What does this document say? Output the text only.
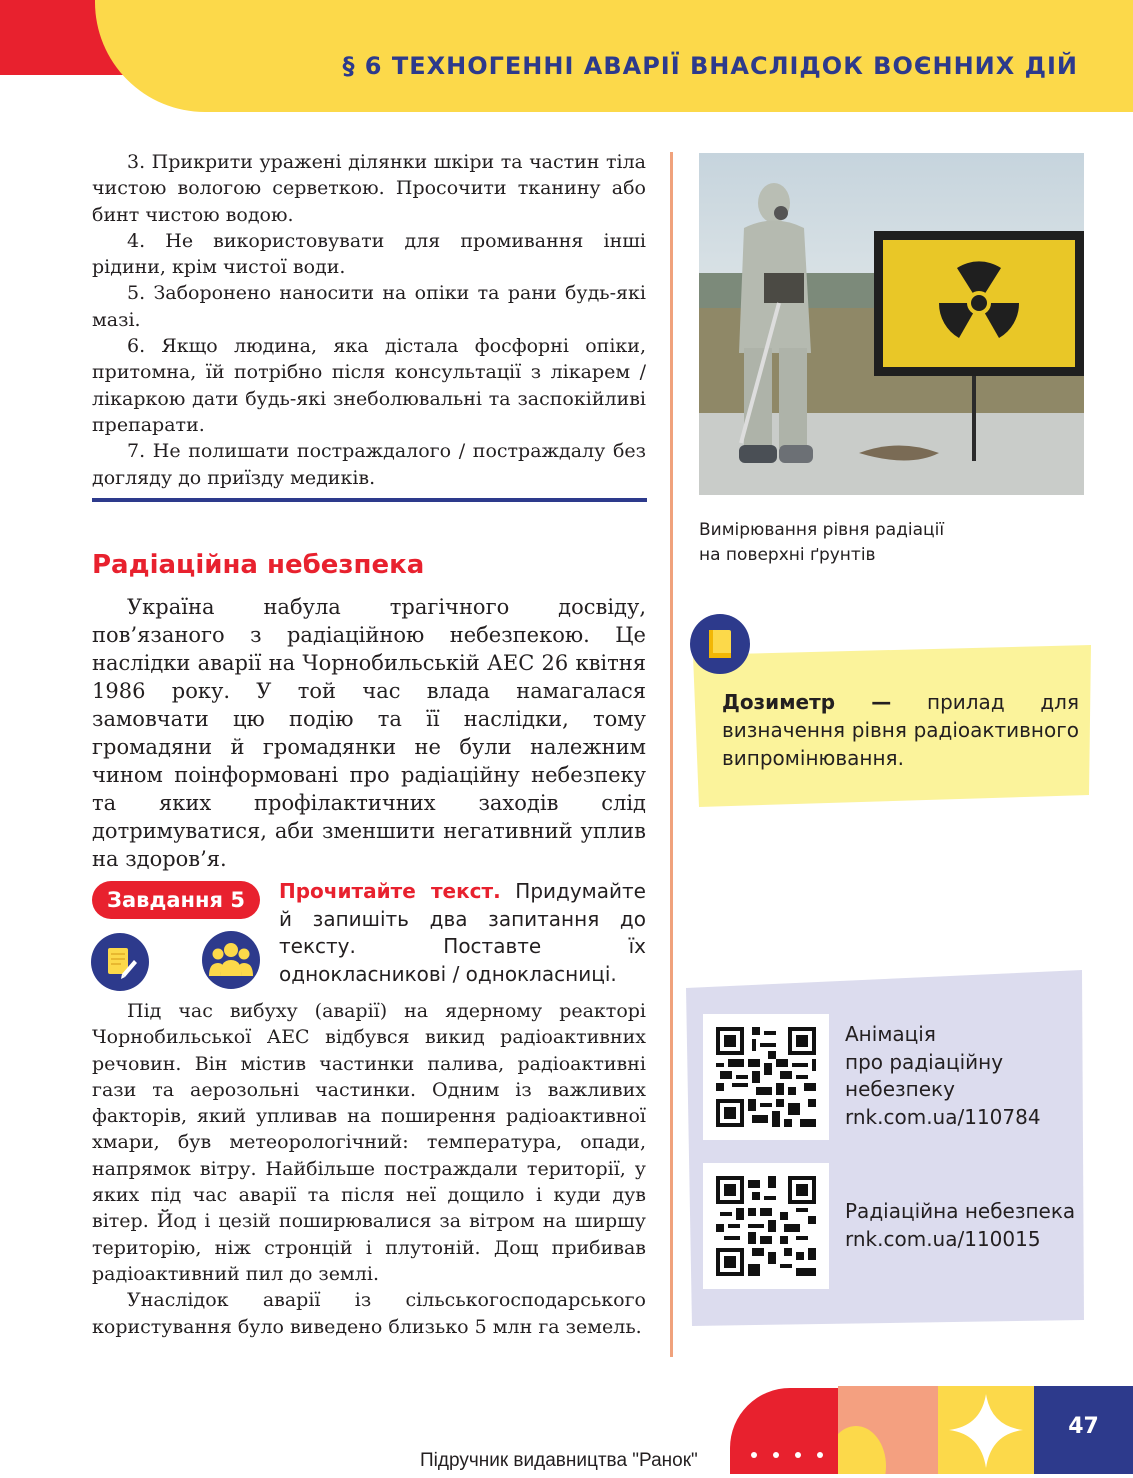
§ 6 ТЕХНОГЕННІ АВАРІЇ ВНАСЛІДОК ВОЄННИХ ДІЙ

3. Прикрити уражені ділянки шкіри та частин тіла чистою вологою серветкою. Просочити тканину або бинт чистою водою.

4. Не використовувати для промивання інші рідини, крім чистої води.

5. Заборонено наносити на опіки та рани будь-які мазі.

6. Якщо людина, яка дістала фосфорні опіки, притомна, їй потрібно після консультації з лікарем / лікаркою дати будь-які знеболювальні та заспокійливі препарати.

7. Не полишати постраждалого / постраждалу без догляду до приїзду медиків.

Радіаційна небезпека

Україна набула трагічного досвіду, пов’язаного з радіаційною небезпекою. Це наслідки аварії на Чорнобильській АЕС 26 квітня 1986 року. У той час влада намагалася замовчати цю подію та її наслідки, тому громадяни й громадянки не були належним чином поінформовані про радіаційну небезпеку та яких профілактичних заходів слід дотримуватися, аби зменшити негативний уплив на здоров’я.

Завдання 5	Прочитайте текст. Придумайте й запишіть два запитання до тексту. Поставте їх однокласникові / однокласниці.

Під час вибуху (аварії) на ядерному реакторі Чорнобильської АЕС відбувся викид радіоактивних речовин. Він містив частинки палива, радіоактивні гази та аерозольні частинки. Одним із важливих факторів, який упливав на поширення радіоактивної хмари, був метеорологічний: температура, опади, напрямок вітру. Найбільше постраждали території, у яких під час аварії та після неї дощило і куди дув вітер. Йод і цезій поширювалися за вітром на ширшу територію, ніж стронцій і плутоній. Дощ прибивав радіоактивний пил до землі.

Унаслідок аварії із сільськогосподарського користування було виведено близько 5 млн га земель.

Вимірювання рівня радіації
на поверхні ґрунтів
Дозиметр — прилад для визначення рівня радіоактивного випромінювання.
Анімація
про радіаційну
небезпеку
rnk.com.ua/110784
Радіаційна небезпека
rnk.com.ua/110015
Підручник видавництва "Ранок"
47
